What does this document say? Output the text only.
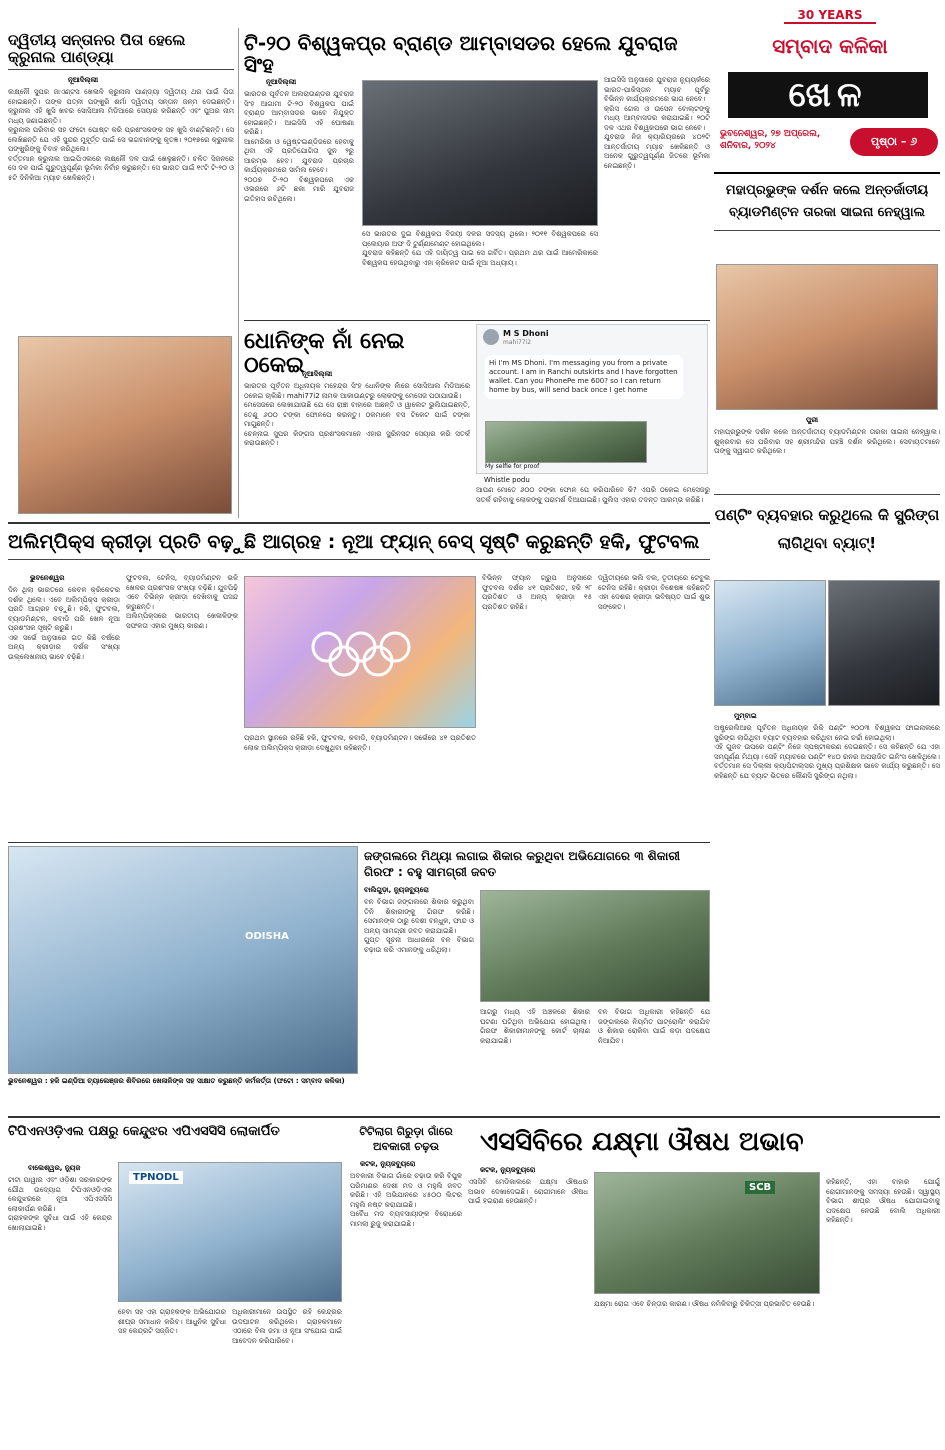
ଦ୍ୱିତୀୟ ସନ୍ତାନର ପିତା ହେଲେ କ୍ରୁନାଲ ପାଣ୍ଡ୍ୟା
ନୂଆଦିଲ୍ଲୀ
ଲକ୍ଷ୍ନୌ ସୁପର ଜାଏଣ୍ଟସ ଖେଳାଳି କ୍ରୁନାଲ ପାଣ୍ଡ୍ୟା ଦ୍ୱିତୀୟ ଥର ପାଇଁ ପିତା ହୋଇଛନ୍ତି। ତାଙ୍କ ପତ୍ନୀ ପଙ୍ଖୁରି ଶର୍ମା ଦ୍ୱିତୀୟ ସନ୍ତାନ ଜନ୍ମ ଦେଇଛନ୍ତି। କ୍ରୁନାଲ ଏହି ଖୁସି ଖବର ସୋସିଆଲ ମିଡିଆରେ ସେୟାର କରିଛନ୍ତି ଏବଂ ପୁଅର ନାମ ମଧ୍ୟ ଜଣାଇଛନ୍ତି।
କ୍ରୁନାଲ ପରିବାର ସହ ଫଟୋ ପୋଷ୍ଟ କରି ପ୍ରଶଂସକଙ୍କ ସହ ଖୁସି ବାଣ୍ଟିଛନ୍ତି। ସେ ଲେଖିଛନ୍ତି ଯେ ଏହି ସୁନ୍ଦର ମୁହୂର୍ତ୍ତ ପାଇଁ ସେ ଭଗବାନଙ୍କୁ କୃତଜ୍ଞ। ୨୦୧୭ରେ କ୍ରୁନାଲ ପଙ୍ଖୁରିଙ୍କୁ ବିବାହ କରିଥିଲେ।
ବର୍ତ୍ତମାନ କ୍ରୁନାଲ ଆଇପିଏଲରେ ଲକ୍ଷ୍ନୌ ଦଳ ପାଇଁ ଖେଳୁଛନ୍ତି। ଚଳିତ ସିଜନରେ ସେ ଦଳ ପାଇଁ ଗୁରୁତ୍ୱପୂର୍ଣ୍ଣ ଭୂମିକା ନିର୍ବାହ କରୁଛନ୍ତି। ସେ ଭାରତ ପାଇଁ ୧୯ଟି ଟି-୨୦ ଓ ୫ଟି ଦିନିକିଆ ମ୍ୟାଚ ଖେଳିଛନ୍ତି।
ଟି-୨୦ ବିଶ୍ୱକପ୍‌ର ବ୍ରାଣ୍ଡ ଆମ୍ବାସଡର ହେଲେ ଯୁବରାଜ ସିଂହ
ନୂଆଦିଲ୍ଲୀ
ଭାରତର ପୂର୍ବତନ ଅଲରାଉଣ୍ଡର ଯୁବରାଜ ସିଂହ ଆଗାମୀ ଟି-୨୦ ବିଶ୍ୱକପ ପାଇଁ ବ୍ରାଣ୍ଡ ଆମ୍ବାସଡର ଭାବେ ନିଯୁକ୍ତ ହୋଇଛନ୍ତି। ଆଇସିସି ଏହି ଘୋଷଣା କରିଛି।
ଆମେରିକା ଓ ୱେଷ୍ଟଇଣ୍ଡିଜରେ ହେବାକୁ ଥିବା ଏହି ପ୍ରତିଯୋଗିତା ଜୁନ ୨ରୁ ଆରମ୍ଭ ହେବ। ଯୁବରାଜ ପ୍ରଚାର କାର୍ଯ୍ୟକ୍ରମରେ ସାମିଲ ହେବେ।
୨୦୦୭ ଟି-୨୦ ବିଶ୍ୱକପରେ ଏକ ଓଭରରେ ୬ଟି ଛକା ମାରି ଯୁବରାଜ ଇତିହାସ ରଚିଥିଲେ।
ସେ ଭାରତର ଦୁଇ ବିଶ୍ୱକପ ବିଜୟୀ ଦଳର ସଦସ୍ୟ ଥିଲେ। ୨୦୧୧ ବିଶ୍ୱକପରେ ସେ ପ୍ଲେୟାର ଅଫ ଦି ଟୁର୍ଣ୍ଣାମେଣ୍ଟ ହୋଇଥିଲେ।
ଯୁବରାଜ କହିଛନ୍ତି ଯେ ଏହି ଦାୟିତ୍ୱ ପାଇ ସେ ଗର୍ବିତ। ପ୍ରଥମ ଥର ପାଇଁ ଆମେରିକାରେ ବିଶ୍ୱକପ ହେଉଥିବାରୁ ଏହା କ୍ରିକେଟ ପାଇଁ ନୂଆ ଅଧ୍ୟାୟ।
ଆଇସିସି ଅନୁସାରେ ଯୁବରାଜ ନ୍ୟୁୟର୍କରେ ଭାରତ-ପାକିସ୍ତାନ ମ୍ୟାଚ ପୂର୍ବରୁ ବିଭିନ୍ନ କାର୍ଯ୍ୟକ୍ରମରେ ଭାଗ ନେବେ।
କ୍ରିସ ଗେଲ ଓ ଉସେନ ବୋଲ୍ଟଙ୍କୁ ମଧ୍ୟ ଆମ୍ବାସଡର କରାଯାଇଛି। ୨୦ଟି ଦଳ ଏଥର ବିଶ୍ୱକପରେ ଭାଗ ନେବେ।
ଯୁବରାଜ ନିଜ କ୍ୟାରିୟରରେ ୪୦୨ଟି ଆନ୍ତର୍ଜାତୀୟ ମ୍ୟାଚ ଖେଳିଛନ୍ତି ଓ ଅନେକ ଗୁରୁତ୍ୱପୂର୍ଣ୍ଣ ଜିତରେ ଭୂମିକା ନେଇଛନ୍ତି।
30 YEARS
ସମ୍ବାଦ କଳିକା
ଖେଳ
ଭୁବନେଶ୍ୱର, ୨୭ ଅପ୍ରେଲ, ଶନିବାର, ୨୦୨୪	ପୃଷ୍ଠା – ୬
ମହାପ୍ରଭୁଙ୍କ ଦର୍ଶନ କଲେ ଅନ୍ତର୍ଜାତୀୟ ବ୍ୟାଡମିଣ୍ଟନ ତାରକା ସାଇନା ନେହ୍‌ୱାଲ
ପୁରୀ
ମହାପ୍ରଭୁଙ୍କ ଦର୍ଶନ କଲେ ଅନ୍ତର୍ଜାତୀୟ ବ୍ୟାଡମିଣ୍ଟନ ତାରକା ସାଇନା ନେହ୍‌ୱାଲ। ଶୁକ୍ରବାର ସେ ପରିବାର ସହ ଶ୍ରୀମନ୍ଦିର ପହଞ୍ଚି ଦର୍ଶନ କରିଥିଲେ। ସେବାୟତମାନେ ତାଙ୍କୁ ସ୍ୱାଗତ କରିଥିଲେ।
ଧୋନିଙ୍କ ନାଁ ନେଇ ଠକେଇ
ନୂଆଦିଲ୍ଲୀ
ଭାରତର ପୂର୍ବତନ ଅଧିନାୟକ ମହେନ୍ଦ୍ର ସିଂହ ଧୋନିଙ୍କ ନାଁରେ ସୋସିଆଲ ମିଡିଆରେ ଠକେଇ ଚାଲିଛି। mahi77i2 ନାମକ ଆକାଉଣ୍ଟରୁ ଲୋକଙ୍କୁ ମେସେଜ ପଠାଯାଉଛି।
ମେସେଜରେ ଲେଖାଯାଉଛି ଯେ ସେ ରାଞ୍ଚୀ ବାହାରେ ଅଛନ୍ତି ଓ ୱାଲେଟ ଭୁଲିଯାଇଛନ୍ତି, ତେଣୁ ୬୦୦ ଟଙ୍କା ଫୋନପେ କରନ୍ତୁ। ଠକମାନେ ବସ ଟିକେଟ ପାଇଁ ଟଙ୍କା ମାଗୁଛନ୍ତି।
ଚେନ୍ନାଇ ସୁପର କିଙ୍ଗସ ପ୍ରଶଂସକମାନେ ଏହାର ସ୍କ୍ରିନସଟ ସେୟାର କରି ସତର୍କ କରାଉଛନ୍ତି।
M S Dhoni
mahi77i2
Hi I'm MS Dhoni. I'm messaging you from a private account. I am in Ranchi outskirts and I have forgotten wallet. Can you PhonePe me 600? so I can return home by bus, will send back once I get home
My selfie for proof
Whistle podu
ଆପଣ ମୋତେ ୬୦୦ ଟଙ୍କା ଫୋନ ପେ କରିପାରିବେ କି? ଏପରି ଠକେଇ ମେସେଜରୁ ସତର୍କ ରହିବାକୁ ଲୋକଙ୍କୁ ପରାମର୍ଶ ଦିଆଯାଇଛି। ପୁଲିସ ଏହାର ତଦନ୍ତ ଆରମ୍ଭ କରିଛି।
ଅଲିମ୍ପିକ୍ସ କ୍ରୀଡ଼ା ପ୍ରତି ବଢ଼ୁଛି ଆଗ୍ରହ : ନୂଆ ଫ୍ୟାନ୍ ବେସ୍ ସୃଷ୍ଟି କରୁଛନ୍ତି ହକି, ଫୁଟବଲ
ଭୁବନେଶ୍ୱର
ଦିନ ଥିଲା ଭାରତରେ କେବଳ କ୍ରିକେଟର ଦର୍ଶକ ଥିଲେ। ଏବେ ଅଲିମ୍ପିକ୍ସ କ୍ରୀଡ଼ା ପ୍ରତି ଆଗ୍ରହ ବଢ଼ୁଛି। ହକି, ଫୁଟବଲ, ବ୍ୟାଡମିଣ୍ଟନ, କବାଡି ପରି ଖେଳ ନୂଆ ପ୍ରଶଂସକ ସୃଷ୍ଟି କରୁଛି।
ଏକ ସର୍ଭେ ଅନୁସାରେ ଗତ କିଛି ବର୍ଷରେ ଅନ୍ୟ କ୍ରୀଡ଼ାର ଦର୍ଶକ ସଂଖ୍ୟା ଉଲ୍ଲେଖନୀୟ ଭାବେ ବଢ଼ିଛି।
ଫୁଟବଲ, ଟେନିସ, ବ୍ୟାଡମିଣ୍ଟନ ଭଳି ଖେଳର ପ୍ରଶଂସକ ସଂଖ୍ୟା ବଢ଼ିଛି। ଯୁବପିଢ଼ି ଏବେ ବିଭିନ୍ନ କ୍ରୀଡ଼ା ଦେଖିବାକୁ ପସନ୍ଦ କରୁଛନ୍ତି।
ଅଲିମ୍ପିକ୍ସରେ ଭାରତୀୟ ଖେଳାଳିଙ୍କ ସଫଳତା ଏହାର ମୁଖ୍ୟ କାରଣ।
ପ୍ରଥମ ସ୍ଥାନରେ ରହିଛି ହକି, ଫୁଟବଲ, କବାଡି, ବ୍ୟାଡମିଣ୍ଟନ। ସର୍ଭେରେ ୪୧ ପ୍ରତିଶତ ଲୋକ ଅଲିମ୍ପିକ୍ସ କ୍ରୀଡ଼ା ଦେଖୁଥିବା କହିଛନ୍ତି।
ବିଭିନ୍ନ ଫ୍ୟାନ ଗ୍ରୁପ ଅନୁସାରେ ଫୁଟବଲ ଦର୍ଶକ ୪୧ ପ୍ରତିଶତ, ହକି ୨୮ ପ୍ରତିଶତ ଓ ଅନ୍ୟ କ୍ରୀଡ଼ା ୧୫ ପ୍ରତିଶତ ରହିଛି।
ଦ୍ୱିତୀୟରେ ଭଲି ବଲ, ତୃତୀୟରେ ଟେବୁଲ ଟେନିସ ରହିଛି। କ୍ରୀଡ଼ା ବିଶେଷଜ୍ଞ କହିଛନ୍ତି ଏହା ଦେଶର କ୍ରୀଡ଼ା ଭବିଷ୍ୟତ ପାଇଁ ଶୁଭ ସଙ୍କେତ।
ପଣ୍ଟିଂ ବ୍ୟବହାର କରୁଥିଲେ କି ସ୍ପ୍ରିଙ୍ଗ ଲାଗିଥିବା ବ୍ୟାଟ୍!
ମୁମ୍ବାଇ
ଅଷ୍ଟ୍ରେଲିଆର ପୂର୍ବତନ ଅଧିନାୟକ ରିକି ପଣ୍ଟିଂ ୨୦୦୩ ବିଶ୍ୱକପ ଫାଇନାଲରେ ସ୍ପ୍ରିଙ୍ଗ ଲାଗିଥିବା ବ୍ୟାଟ ବ୍ୟବହାର କରିଥିବା ନେଇ ଚର୍ଚ୍ଚା ହୋଇଥିଲା।
ଏହି ଗୁଜବ ଉପରେ ପଣ୍ଟିଂ ନିଜେ ସ୍ପଷ୍ଟୀକରଣ ଦେଇଛନ୍ତି। ସେ କହିଛନ୍ତି ଯେ ଏହା ସମ୍ପୂର୍ଣ୍ଣ ମିଥ୍ୟା। ସେହି ମ୍ୟାଚରେ ପଣ୍ଟିଂ ୧୪୦ ରନର ଅପରାଜିତ ଇନିଂସ ଖେଳିଥିଲେ।
ବର୍ତ୍ତମାନ ସେ ଦିଲ୍ଲୀ କ୍ୟାପିଟାଲ୍ସର ମୁଖ୍ୟ ପ୍ରଶିକ୍ଷକ ଭାବେ କାର୍ଯ୍ୟ କରୁଛନ୍ତି। ସେ କହିଛନ୍ତି ଯେ ବ୍ୟାଟ ଭିତରେ କୌଣସି ସ୍ପ୍ରିଙ୍ଗ ନଥିଲା।
ODISHA
ଭୁବନେଶ୍ୱର : ହକି ଇଣ୍ଡିଆ ଚ୍ୟାଲେଞ୍ଜର ଶିବିରରେ ଖେଳାଳିଙ୍କ ସହ ସାକ୍ଷାତ କରୁଛନ୍ତି କର୍ମକର୍ତ୍ତା (ଫଟୋ : ସମ୍ବାଦ କଳିକା)
ଜଙ୍ଗଲରେ ମିଥ୍ୟା ଲଗାଇ ଶିକାର କରୁଥିବା ଅଭିଯୋଗରେ ୩ ଶିକାରୀ ଗିରଫ : ବହୁ ସାମଗ୍ରୀ ଜବତ
ବାଲିଗୁଡ଼ା, ନ୍ୟୁଜବ୍ୟୁରୋ
ବନ ବିଭାଗ ଜଙ୍ଗଲରେ ଶିକାର କରୁଥିବା ତିନି ଶିକାରୀଙ୍କୁ ଗିରଫ କରିଛି। ସେମାନଙ୍କ ଠାରୁ ଦେଶୀ ବନ୍ଧୁକ, ଫାନ୍ଦ ଓ ଅନ୍ୟ ସାମଗ୍ରୀ ଜବତ କରାଯାଇଛି।
ଗୁପ୍ତ ସୂଚନା ଆଧାରରେ ବନ ବିଭାଗ ଚଢ଼ାଉ କରି ଏମାନଙ୍କୁ ଧରିଥିଲା।
ଆଗରୁ ମଧ୍ୟ ଏହି ଅଞ୍ଚଳରେ ଶିକାର ଘଟଣା ଘଟିଥିବା ଅଭିଯୋଗ ହୋଇଥିଲା। ଗିରଫ ଶିକାରୀମାନଙ୍କୁ କୋର୍ଟ ଚାଲାଣ କରାଯାଇଛି।
ବନ ବିଭାଗ ଅଧିକାରୀ କହିଛନ୍ତି ଯେ ଜଙ୍ଗଲରେ ନିୟମିତ ପାଟ୍ରୋଲିଂ କରାଯିବ ଓ ଶିକାର ରୋକିବା ପାଇଁ କଡ଼ା ପଦକ୍ଷେପ ନିଆଯିବ।
ଟିପିଏନଓଡ଼ିଏଲ ପକ୍ଷରୁ କେନ୍ଦୁଝର ଏପିଏସସିସି ଲୋକାର୍ପିତ
ବାଲେଶ୍ୱର, ନ୍ୟୁଜ
ଟାଟା ପାୱାର ଏବଂ ଓଡ଼ିଶା ସରକାରଙ୍କ ଯୌଥ ଉଦ୍ୟୋଗ ଟିପିଏନଓଡ଼ିଏଲ କେନ୍ଦୁଝରରେ ନୂଆ ଏପିଏସସିସି ଲୋକାର୍ପଣ କରିଛି।
ଗ୍ରାହକଙ୍କ ସୁବିଧା ପାଇଁ ଏହି କେନ୍ଦ୍ର ଖୋଲାଯାଇଛି।
TPNODL
ହେବା ସହ ଏହା ଗ୍ରାହକଙ୍କ ଅଭିଯୋଗର ଶୀଘ୍ର ସମାଧାନ କରିବ। ଆଧୁନିକ ସୁବିଧା ସହ କେନ୍ଦ୍ରଟି ସଜ୍ଜିତ।
ଅଧିକାରୀମାନେ ଉପସ୍ଥିତ ରହି କେନ୍ଦ୍ରର ଉଦଘାଟନ କରିଥିଲେ। ଗ୍ରାହକମାନେ ଏଠାରେ ବିଲ ଜମା ଓ ନୂଆ ସଂଯୋଗ ପାଇଁ ଆବେଦନ କରିପାରିବେ।
ଟିଟିଲାଗ ଗିରୁଡ଼ା ଗାଁରେ ଅବକାରୀ ଚଢ଼ଉ
କଟକ, ନ୍ୟୁଜବ୍ୟୁରୋ
ଅବକାରୀ ବିଭାଗ ଗାଁରେ ଚଢ଼ାଉ କରି ବିପୁଳ ପରିମାଣର ଦେଶୀ ମଦ ଓ ମହୁଲି ଜବତ କରିଛି। ଏହି ଅଭିଯାନରେ ୪୫୦୦ ଲିଟର ମହୁଲି ନଷ୍ଟ କରାଯାଇଛି।
ଅବୈଧ ମଦ ବ୍ୟବସାୟୀଙ୍କ ବିରୋଧରେ ମାମଲା ରୁଜୁ କରାଯାଇଛି।
ଏସସିବିରେ ଯକ୍ଷ୍ମା ଔଷଧ ଅଭାବ
କଟକ, ନ୍ୟୁଜବ୍ୟୁରୋ
ଏସସିବି ମେଡିକାଲରେ ଯକ୍ଷ୍ମା ଔଷଧର ଅଭାବ ଦେଖାଦେଇଛି। ରୋଗୀମାନେ ଔଷଧ ପାଇଁ ହଇରାଣ ହେଉଛନ୍ତି।
SCB
ଯକ୍ଷ୍ମା ରୋଗ ଏବେ ଚିନ୍ତାର କାରଣ। ଔଷଧ ନମିଳିବାରୁ ଚିକିତ୍ସା ପ୍ରଭାବିତ ହେଉଛି।
କହିଛନ୍ତି, ଏହା ବାହାର ଯୋଗୁଁ ରୋଗୀମାନଙ୍କୁ ସମସ୍ୟା ହେଉଛି। ସ୍ୱାସ୍ଥ୍ୟ ବିଭାଗ ଶୀଘ୍ର ଔଷଧ ଯୋଗାଇବାକୁ ପଦକ୍ଷେପ ନେଉଛି ବୋଲି ଅଧିକାରୀ କହିଛନ୍ତି।
